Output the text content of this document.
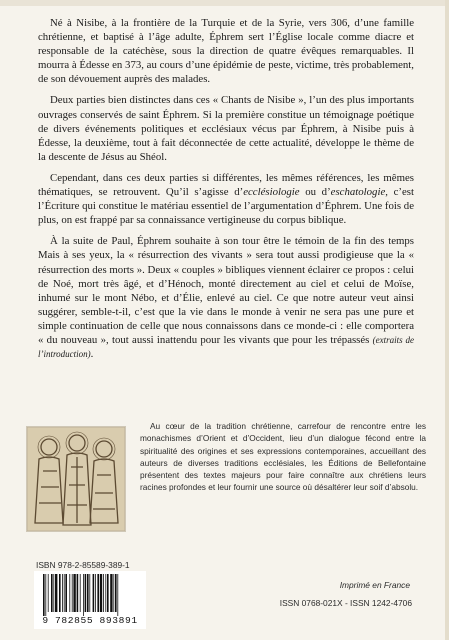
Né à Nisibe, à la frontière de la Turquie et de la Syrie, vers 306, d’une famille chrétienne, et baptisé à l’âge adulte, Éphrem sert l’Église locale comme diacre et responsable de la catéchèse, sous la direction de quatre évêques remarquables. Il mourra à Édesse en 373, au cours d’une épidémie de peste, victime, très probablement, de son dévouement auprès des malades.

Deux parties bien distinctes dans ces « Chants de Nisibe », l’un des plus importants ouvrages conservés de saint Éphrem. Si la première constitue un témoignage poétique de divers événements politiques et ecclésiaux vécus par Éphrem, à Nisibe puis à Édesse, la deuxième, tout à fait déconnectée de cette actualité, développe le thème de la descente de Jésus au Shéol.

Cependant, dans ces deux parties si différentes, les mêmes références, les mêmes thématiques, se retrouvent. Qu’il s’agisse d’ecclésiologie ou d’eschatologie, c’est l’Écriture qui constitue le matériau essentiel de l’argumentation d’Éphrem. Une fois de plus, on est frappé par sa connaissance vertigineuse du corpus biblique.

À la suite de Paul, Éphrem souhaite à son tour être le témoin de la fin des temps Mais à ses yeux, la « résurrection des vivants » sera tout aussi prodigieuse que la « résurrection des morts ». Deux « couples » bibliques viennent éclairer ce propos : celui de Noé, mort très âgé, et d’Hénoch, monté directement au ciel et celui de Moïse, inhumé sur le mont Nébo, et d’Élie, enlevé au ciel. Ce que notre auteur veut ainsi suggérer, semble-t-il, c’est que la vie dans le monde à venir ne sera pas une pure et simple continuation de celle que nous connaissons dans ce monde-ci : elle comportera « du nouveau », tout aussi inattendu pour les vivants que pour les trépassés (extraits de l’introduction).

Au cœur de la tradition chrétienne, carrefour de rencontre entre les monachismes d’Orient et d’Occident, lieu d’un dialogue fécond entre la spiritualité des origines et ses expressions contemporaines, accueillant des auteurs de diverses traditions ecclésiales, les Éditions de Bellefontaine présentent des textes majeurs pour faire connaître aux chrétiens leurs racines profondes et leur fournir une source où désaltérer leur soif d’absolu.

ISBN 978-2-85589-389-1
9 782855 893891
Imprimé en France
ISSN 0768-021X - ISSN 1242-4706
